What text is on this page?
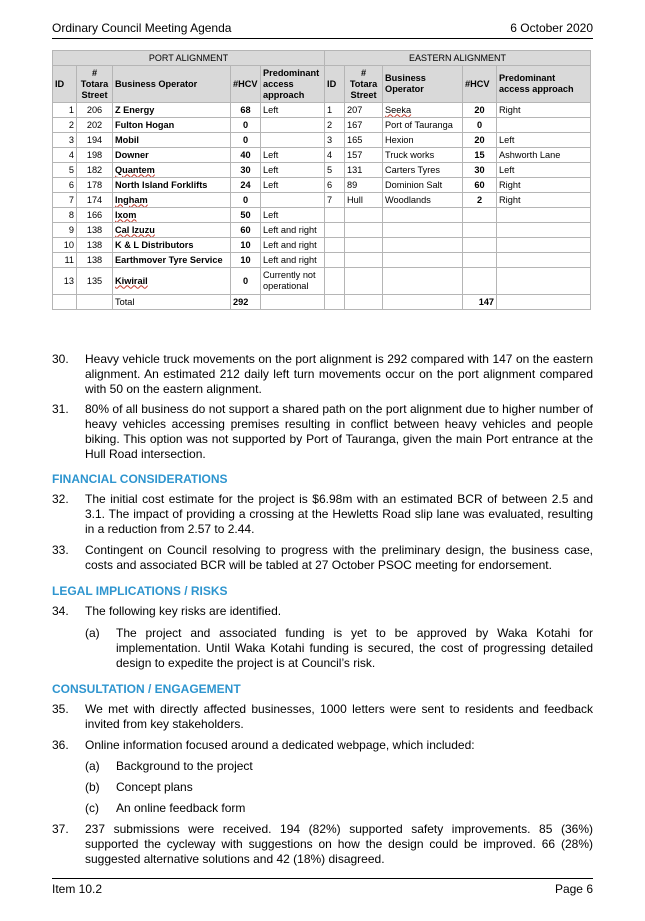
Ordinary Council Meeting Agenda	6 October 2020
PORT ALIGNMENT					EASTERN ALIGNMENT				
ID	# Totara Street	Business Operator	#HCV	Predominant access approach	ID	# Totara Street	Business Operator	#HCV	Predominant access approach
1	206	Z Energy	68	Left	1	207	Seeka	20	Right
2	202	Fulton Hogan	0		2	167	Port of Tauranga	0	
3	194	Mobil	0		3	165	Hexion	20	Left
4	198	Downer	40	Left	4	157	Truck works	15	Ashworth Lane
5	182	Quantem	30	Left	5	131	Carters Tyres	30	Left
6	178	North Island Forklifts	24	Left	6	89	Dominion Salt	60	Right
7	174	Ingham	0		7	Hull	Woodlands	2	Right
8	166	Ixom	50	Left					
9	138	Cal Izuzu	60	Left and right					
10	138	K & L Distributors	10	Left and right					
11	138	Earthmover Tyre Service	10	Left and right					
13	135	Kiwirail	0	Currently not operational					
		Total	292					147	
30. Heavy vehicle truck movements on the port alignment is 292 compared with 147 on the eastern alignment. An estimated 212 daily left turn movements occur on the port alignment compared with 50 on the eastern alignment.
31. 80% of all business do not support a shared path on the port alignment due to higher number of heavy vehicles accessing premises resulting in conflict between heavy vehicles and people biking. This option was not supported by Port of Tauranga, given the main Port entrance at the Hull Road intersection.
FINANCIAL CONSIDERATIONS
32. The initial cost estimate for the project is $6.98m with an estimated BCR of between 2.5 and 3.1. The impact of providing a crossing at the Hewletts Road slip lane was evaluated, resulting in a reduction from 2.57 to 2.44.
33. Contingent on Council resolving to progress with the preliminary design, the business case, costs and associated BCR will be tabled at 27 October PSOC meeting for endorsement.
LEGAL IMPLICATIONS / RISKS
34. The following key risks are identified.
(a) The project and associated funding is yet to be approved by Waka Kotahi for implementation. Until Waka Kotahi funding is secured, the cost of progressing detailed design to expedite the project is at Council’s risk.
CONSULTATION / ENGAGEMENT
35. We met with directly affected businesses, 1000 letters were sent to residents and feedback invited from key stakeholders.
36. Online information focused around a dedicated webpage, which included:
(a) Background to the project
(b) Concept plans
(c) An online feedback form
37. 237 submissions were received. 194 (82%) supported safety improvements. 85 (36%) supported the cycleway with suggestions on how the design could be improved. 66 (28%) suggested alternative solutions and 42 (18%) disagreed.
Item 10.2	Page 6
